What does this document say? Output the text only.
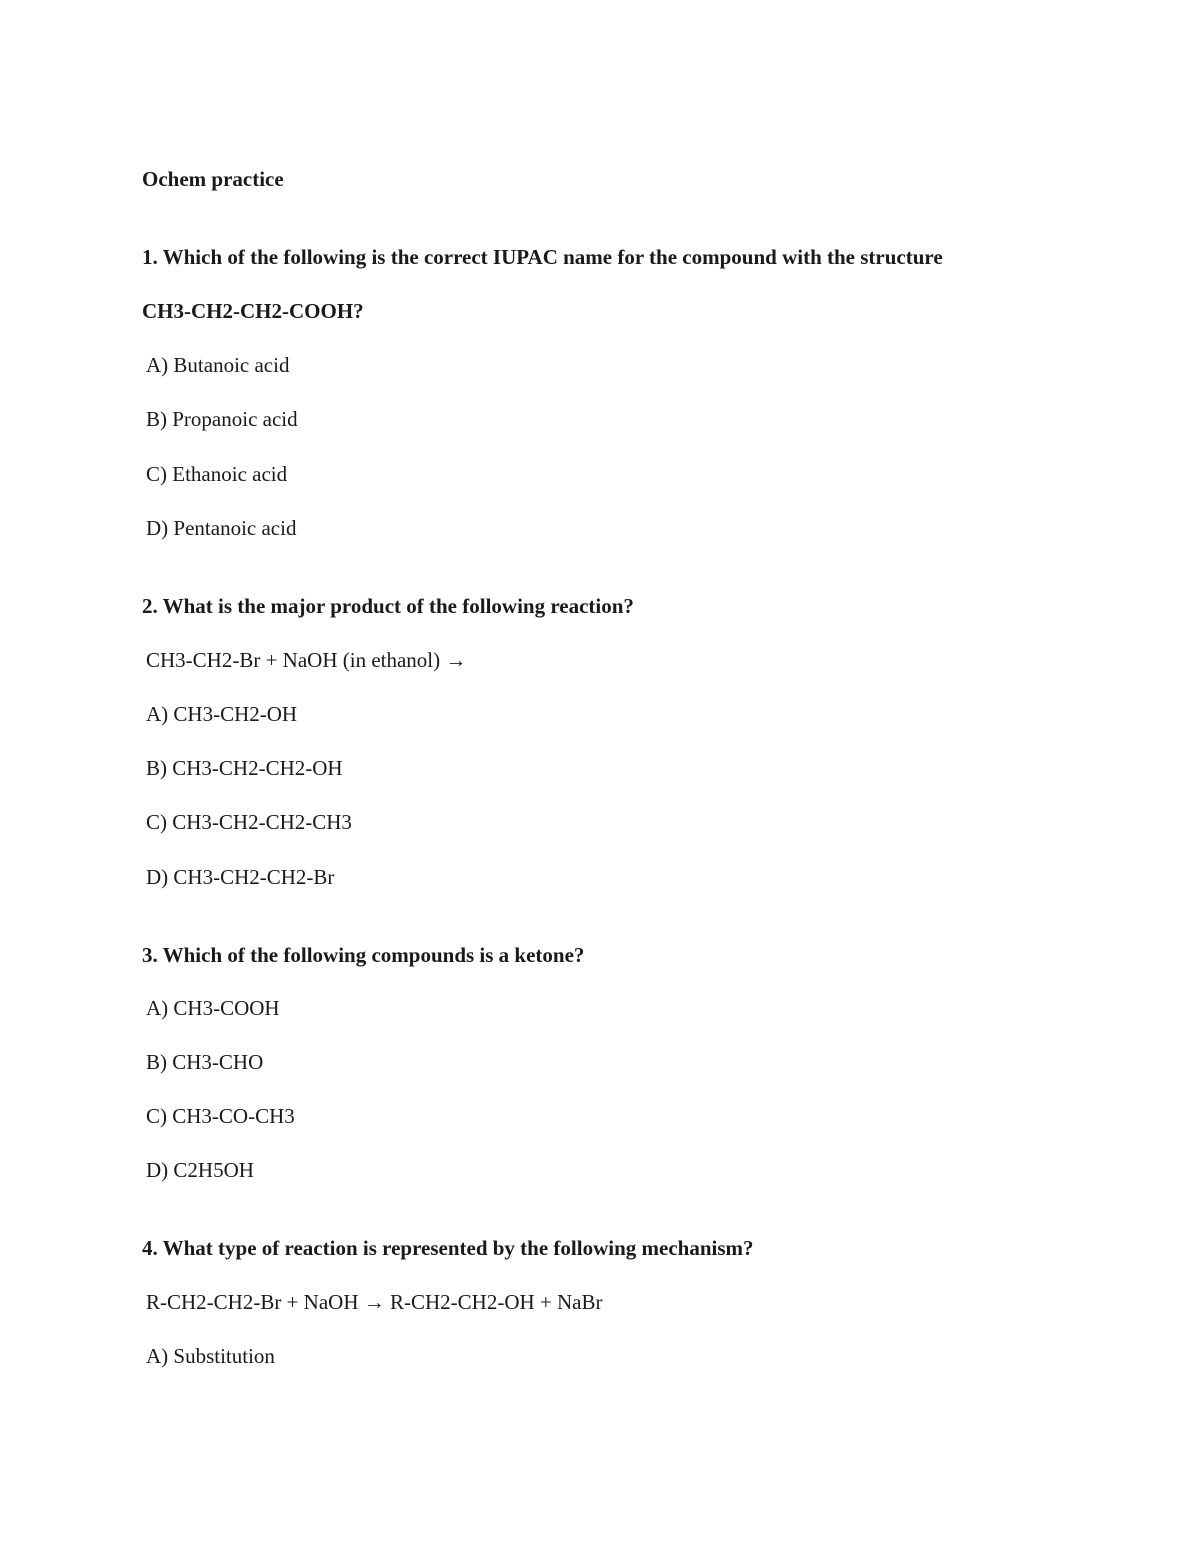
Ochem practice
1. Which of the following is the correct IUPAC name for the compound with the structure
CH3-CH2-CH2-COOH?
A) Butanoic acid
B) Propanoic acid
C) Ethanoic acid
D) Pentanoic acid
2. What is the major product of the following reaction?
CH3-CH2-Br + NaOH (in ethanol) →
A) CH3-CH2-OH
B) CH3-CH2-CH2-OH
C) CH3-CH2-CH2-CH3
D) CH3-CH2-CH2-Br
3. Which of the following compounds is a ketone?
A) CH3-COOH
B) CH3-CHO
C) CH3-CO-CH3
D) C2H5OH
4. What type of reaction is represented by the following mechanism?
R-CH2-CH2-Br + NaOH → R-CH2-CH2-OH + NaBr
A) Substitution
